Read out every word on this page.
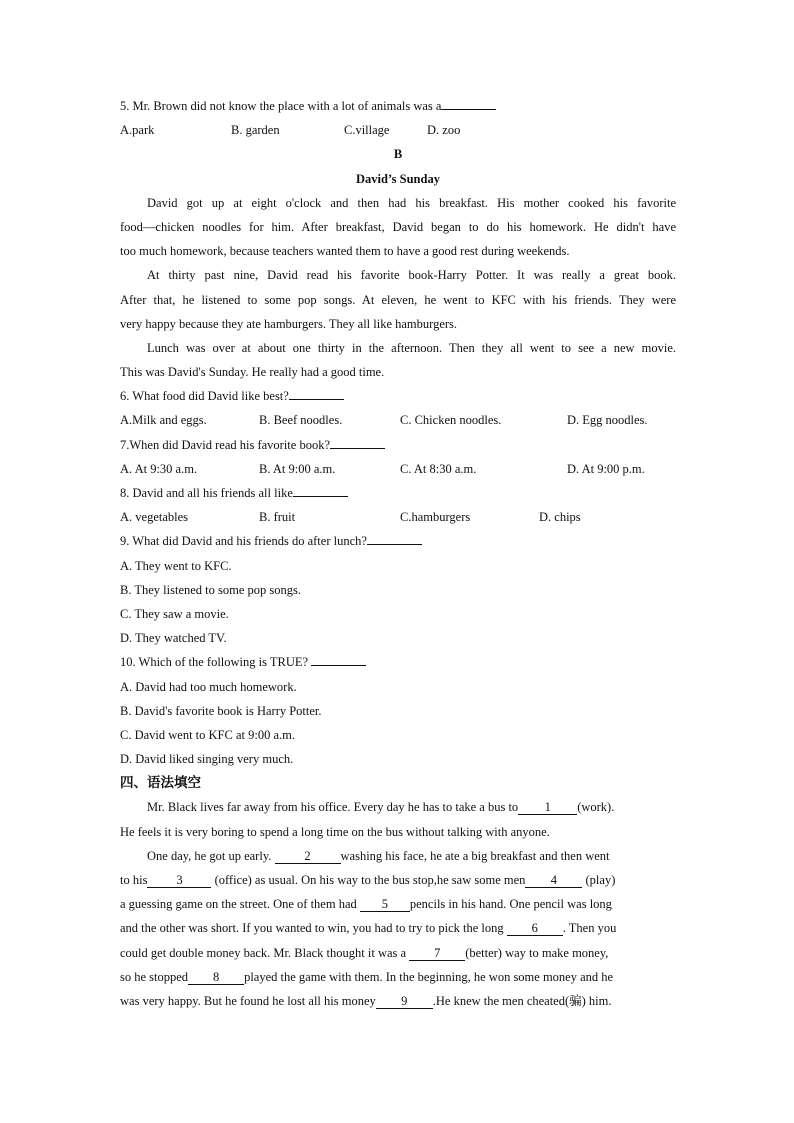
5. Mr. Brown did not know the place with a lot of animals was a
A.park	B. garden	C.village	D. zoo
B
David’s Sunday
David got up at eight o'clock and then had his breakfast. His mother cooked his favorite
food—chicken noodles for him. After breakfast, David began to do his homework. He didn't have
too much homework, because teachers wanted them to have a good rest during weekends.
At thirty past nine, David read his favorite book-Harry Potter. It was really a great book.
After that, he listened to some pop songs. At eleven, he went to KFC with his friends. They were
very happy because they ate hamburgers. They all like hamburgers.
Lunch was over at about one thirty in the afternoon. Then they all went to see a new movie.
This was David's Sunday. He really had a good time.
6. What food did David like best?
A.Milk and eggs.	B. Beef noodles.	C. Chicken noodles.	D. Egg noodles.
7.When did David read his favorite book?
A. At 9:30 a.m.	B. At 9:00 a.m.	C. At 8:30 a.m.	D. At 9:00 p.m.
8. David and all his friends all like
A. vegetables	B. fruit	C.hamburgers	D. chips
9. What did David and his friends do after lunch?
A. They went to KFC.
B. They listened to some pop songs.
C. They saw a movie.
D. They watched TV.
10. Which of the following is TRUE?
A. David had too much homework.
B. David's favorite book is Harry Potter.
C. David went to KFC at 9:00 a.m.
D. David liked singing very much.
四、语法填空
Mr. Black lives far away from his office. Every day he has to take a bus to 1 (work).
He feels it is very boring to spend a long time on the bus without talking with anyone.
One day, he got up early. 2 washing his face, he ate a big breakfast and then went
to his 3 (office) as usual. On his way to the bus stop,he saw some men 4 (play)
a guessing game on the street. One of them had 5 pencils in his hand. One pencil was long
and the other was short. If you wanted to win, you had to try to pick the long 6 . Then you
could get double money back. Mr. Black thought it was a 7 (better) way to make money,
so he stopped 8 played the game with them. In the beginning, he won some money and he
was very happy. But he found he lost all his money 9 .He knew the men cheated(骗) him.
